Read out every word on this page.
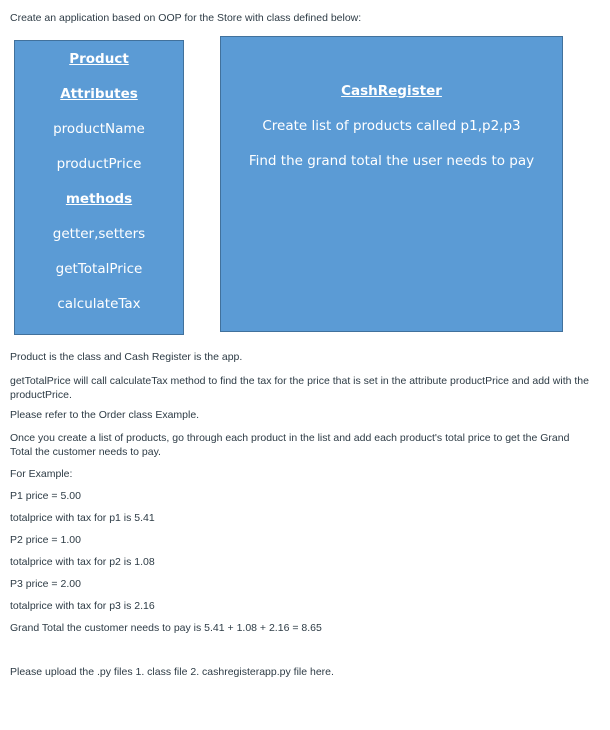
Create an application based on OOP for the Store with class defined below:
Product
Attributes
productName
productPrice
methods
getter,setters
getTotalPrice
calculateTax
CashRegister
Create list of products called p1,p2,p3
Find the grand total the user needs to pay
Product is the class and Cash Register is the app.
getTotalPrice will call calculateTax method to find the tax for the price that is set in the attribute productPrice and add with the productPrice.
Please refer to the Order class Example.
Once you create a list of products, go through each product in the list and add each product's total price to get the Grand Total the customer needs to pay.
For Example:
P1 price = 5.00
totalprice with tax for p1 is 5.41
P2 price = 1.00
totalprice with tax for p2 is 1.08
P3 price = 2.00
totalprice with tax for p3 is 2.16
Grand Total the customer needs to pay is 5.41 + 1.08 + 2.16 = 8.65
Please upload the .py files 1. class file 2. cashregisterapp.py file here.
